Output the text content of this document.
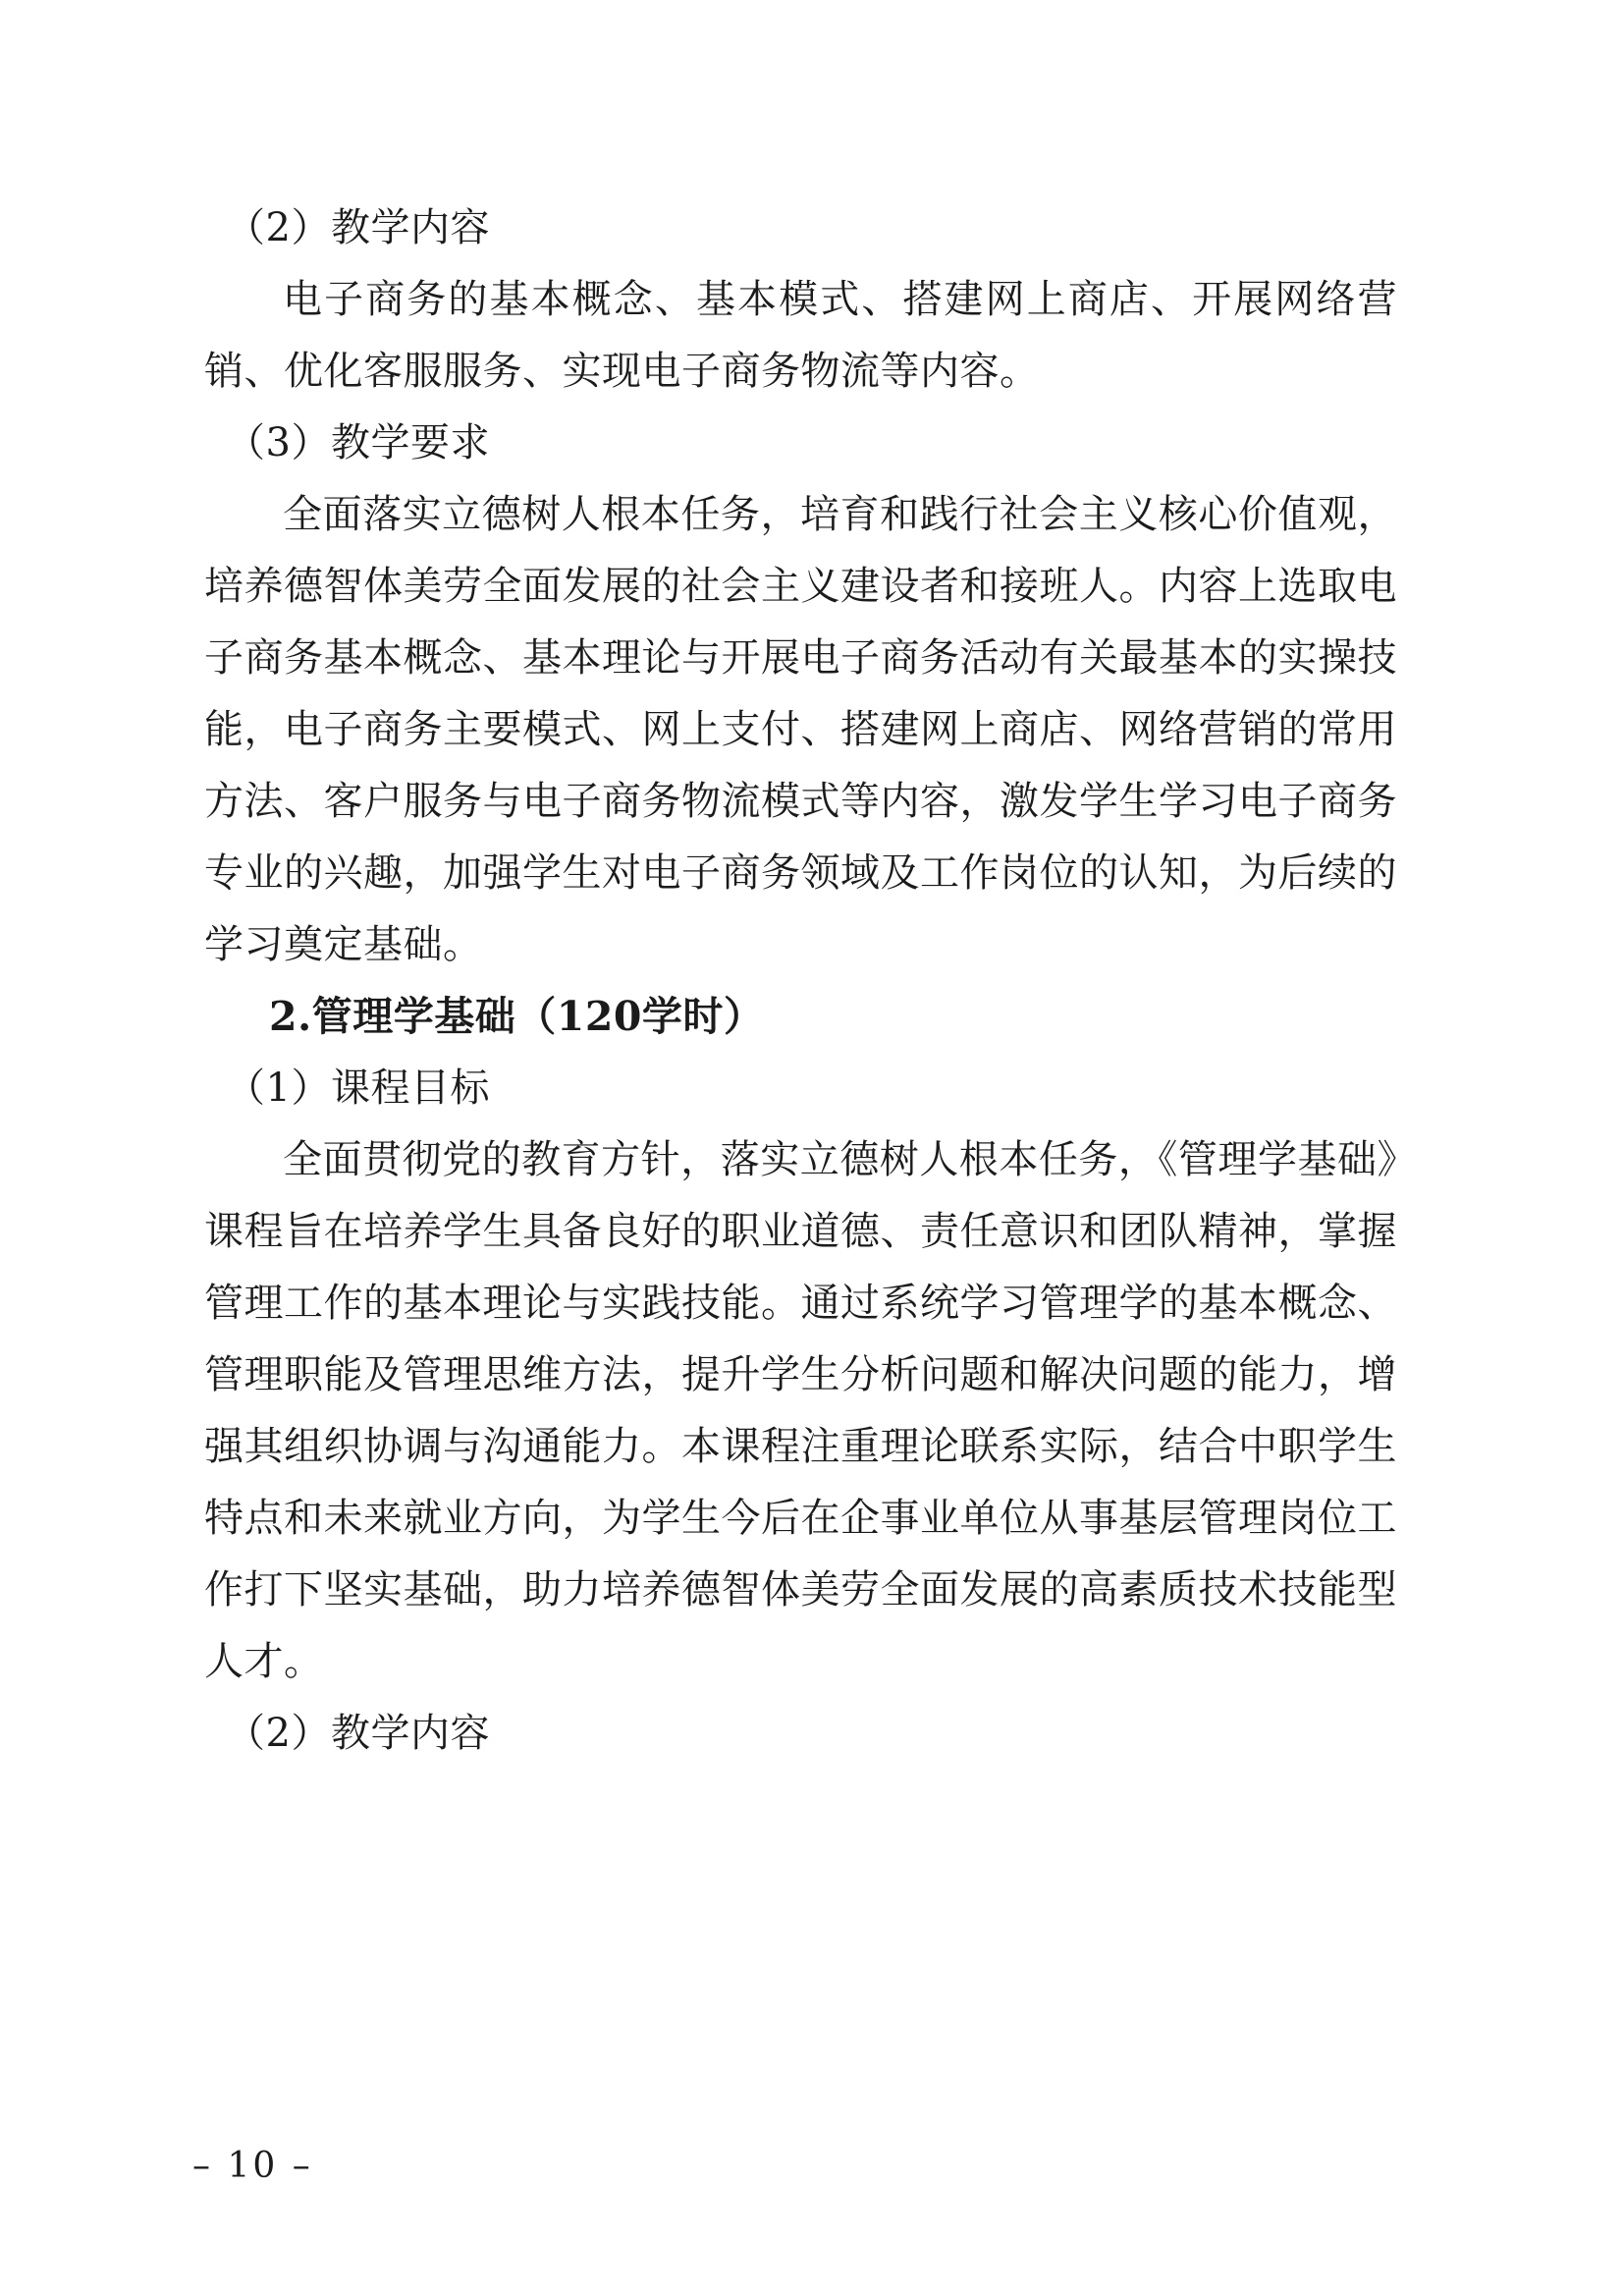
（2）教学内容

电子商务的基本概念、基本模式、搭建网上商店、开展网络营销、优化客服服务、实现电子商务物流等内容。

（3）教学要求

全面落实立德树人根本任务，培育和践行社会主义核心价值观，培养德智体美劳全面发展的社会主义建设者和接班人。内容上选取电子商务基本概念、基本理论与开展电子商务活动有关最基本的实操技能，电子商务主要模式、网上支付、搭建网上商店、网络营销的常用方法、客户服务与电子商务物流模式等内容，激发学生学习电子商务专业的兴趣，加强学生对电子商务领域及工作岗位的认知，为后续的学习奠定基础。

2.管理学基础（120学时）

（1）课程目标

全面贯彻党的教育方针，落实立德树人根本任务，《管理学基础》课程旨在培养学生具备良好的职业道德、责任意识和团队精神，掌握管理工作的基本理论与实践技能。通过系统学习管理学的基本概念、管理职能及管理思维方法，提升学生分析问题和解决问题的能力，增强其组织协调与沟通能力。本课程注重理论联系实际，结合中职学生特点和未来就业方向，为学生今后在企事业单位从事基层管理岗位工作打下坚实基础，助力培养德智体美劳全面发展的高素质技术技能型人才。

（2）教学内容

– 10 –
